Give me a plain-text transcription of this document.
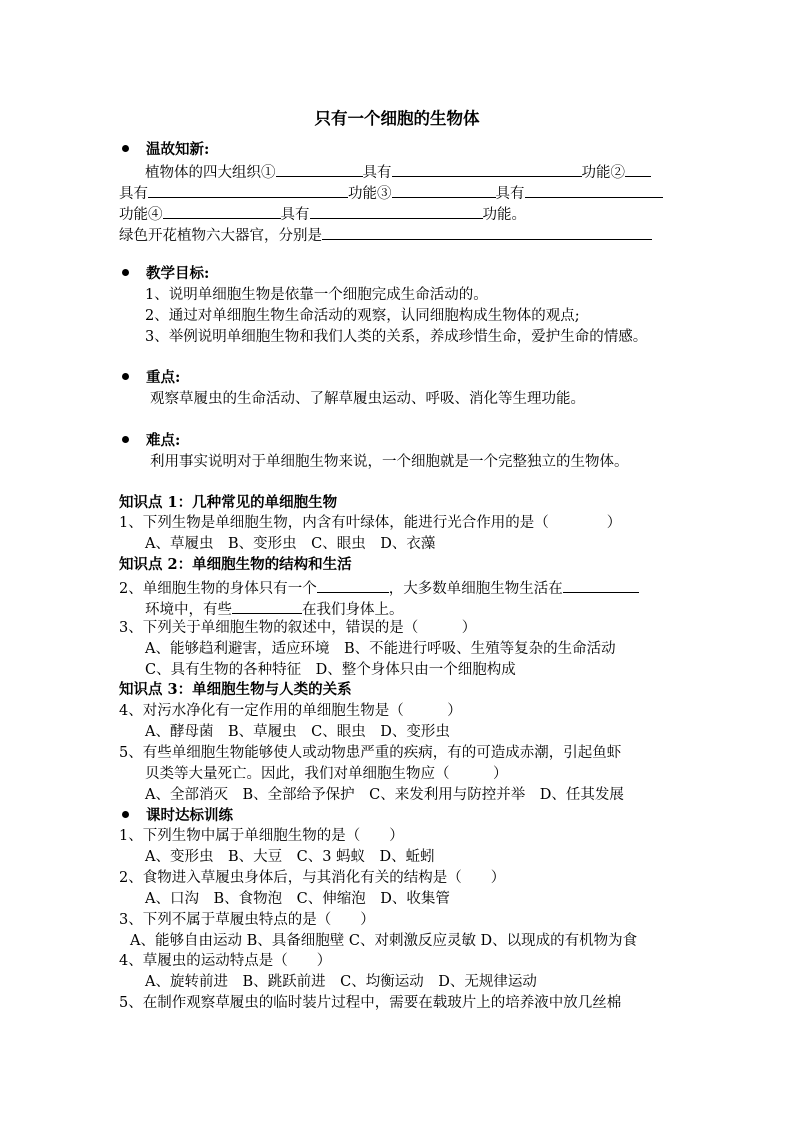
只有一个细胞的生物体
温故知新:
植物体的四大组织①	具有	功能②
具有	功能③	具有
功能④	具有	功能。
绿色开花植物六大器官，分别是
教学目标:
1、说明单细胞生物是依靠一个细胞完成生命活动的。
2、通过对单细胞生物生命活动的观察，认同细胞构成生物体的观点;
3、举例说明单细胞生物和我们人类的关系，养成珍惜生命，爱护生命的情感。
重点:
观察草履虫的生命活动、了解草履虫运动、呼吸、消化等生理功能。
难点:
利用事实说明对于单细胞生物来说，一个细胞就是一个完整独立的生物体。
知识点 1：几种常见的单细胞生物
1、下列生物是单细胞生物，内含有叶绿体，能进行光合作用的是（　　　　）
A、草履虫　B、变形虫　C、眼虫　D、衣藻
知识点 2：单细胞生物的结构和生活
2、单细胞生物的身体只有一个	，大多数单细胞生物生活在
环境中，有些	在我们身体上。
3、下列关于单细胞生物的叙述中，错误的是（　　　）
A、能够趋利避害，适应环境　B、不能进行呼吸、生殖等复杂的生命活动
C、具有生物的各种特征　D、整个身体只由一个细胞构成
知识点 3：单细胞生物与人类的关系
4、对污水净化有一定作用的单细胞生物是（　　　）
A、酵母菌　B、草履虫　C、眼虫　D、变形虫
5、有些单细胞生物能够使人或动物患严重的疾病，有的可造成赤潮，引起鱼虾
贝类等大量死亡。因此，我们对单细胞生物应（　　　）
A、全部消灭　B、全部给予保护　C、来发利用与防控并举　D、任其发展
课时达标训练
1、下列生物中属于单细胞生物的是（　　）
A、变形虫　B、大豆　C、3 蚂蚁　D、蚯蚓
2、食物进入草履虫身体后，与其消化有关的结构是（　　）
A、口沟　B、食物泡　C、伸缩泡　D、收集管
3、下列不属于草履虫特点的是（　　）
A、能够自由运动 B、具备细胞壁 C、对刺激反应灵敏 D、以现成的有机物为食
4、草履虫的运动特点是（　　）
A、旋转前进　B、跳跃前进　C、均衡运动　D、无规律运动
5、在制作观察草履虫的临时装片过程中，需要在载玻片上的培养液中放几丝棉
